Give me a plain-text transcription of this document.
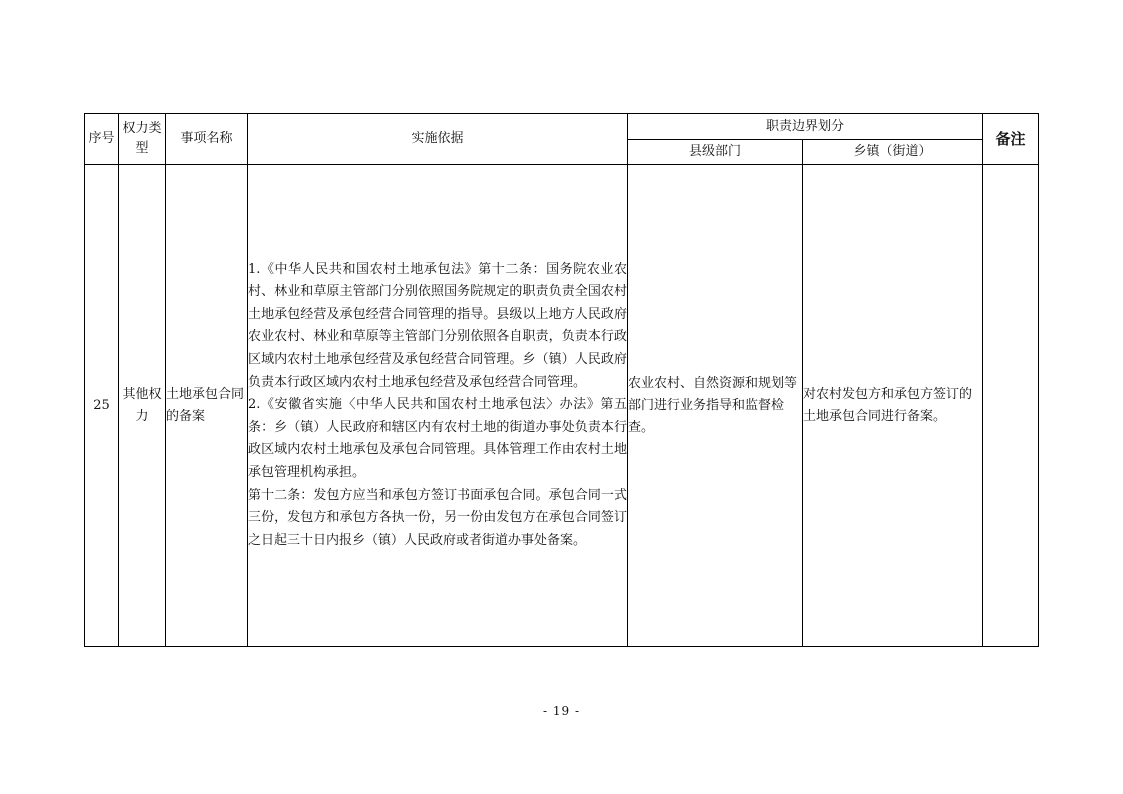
序号	权力类型	事项名称	实施依据	职责边界划分		备注
				县级部门	乡镇（街道）	
25	其他权力	土地承包合同的备案	1.《中华人民共和国农村土地承包法》第十二条：国务院农业农村、林业和草原主管部门分别依照国务院规定的职责负责全国农村土地承包经营及承包经营合同管理的指导。县级以上地方人民政府农业农村、林业和草原等主管部门分别依照各自职责，负责本行政区域内农村土地承包经营及承包经营合同管理。乡（镇）人民政府负责本行政区域内农村土地承包经营及承包经营合同管理。

2.《安徽省实施〈中华人民共和国农村土地承包法〉办法》第五条：乡（镇）人民政府和辖区内有农村土地的街道办事处负责本行政区域内农村土地承包及承包合同管理。具体管理工作由农村土地承包管理机构承担。

第十二条：发包方应当和承包方签订书面承包合同。承包合同一式三份，发包方和承包方各执一份，另一份由发包方在承包合同签订之日起三十日内报乡（镇）人民政府或者街道办事处备案。	农业农村、自然资源和规划等部门进行业务指导和监督检查。	对农村发包方和承包方签订的土地承包合同进行备案。	
- 19 -
